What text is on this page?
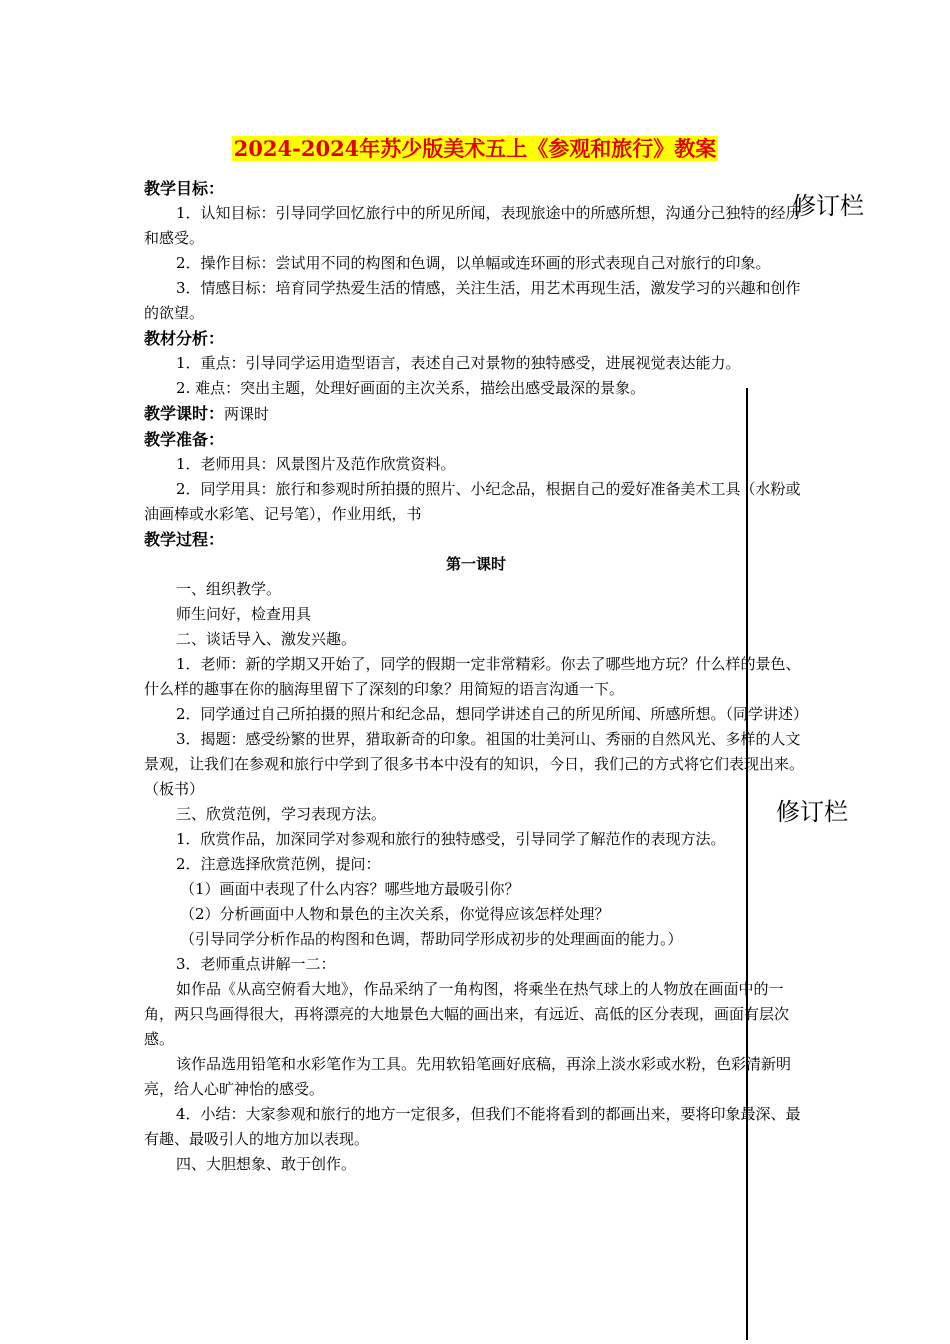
2024-2024年苏少版美术五上《参观和旅行》教案
修订栏

教学目标：

1．认知目标：引导同学回忆旅行中的所见所闻，表现旅途中的所感所想，沟通分己独特的经历和感受。

2．操作目标：尝试用不同的构图和色调，以单幅或连环画的形式表现自己对旅行的印象。

3．情感目标：培育同学热爱生活的情感，关注生活，用艺术再现生活，激发学习的兴趣和创作的欲望。

教材分析：

1．重点：引导同学运用造型语言，表述自己对景物的独特感受，进展视觉表达能力。

2. 难点：突出主题，处理好画面的主次关系，描绘出感受最深的景象。

教学课时：两课时

教学准备：

1．老师用具：风景图片及范作欣赏资料。

2．同学用具：旅行和参观时所拍摄的照片、小纪念品，根据自己的爱好准备美术工具（水粉或油画棒或水彩笔、记号笔），作业用纸，书

教学过程：

第一课时

一、组织教学。

师生问好，检查用具

二、谈话导入、激发兴趣。

1．老师：新的学期又开始了，同学的假期一定非常精彩。你去了哪些地方玩？什么样的景色、什么样的趣事在你的脑海里留下了深刻的印象？用简短的语言沟通一下。

2．同学通过自己所拍摄的照片和纪念品，想同学讲述自己的所见所闻、所感所想。（同学讲述）

3．揭题：感受纷繁的世界，猎取新奇的印象。祖国的壮美河山、秀丽的自然风光、多样的人文景观，让我们在参观和旅行中学到了很多书本中没有的知识，今日，我们己的方式将它们表现出来。（板书）

三、欣赏范例，学习表现方法。

1．欣赏作品，加深同学对参观和旅行的独特感受，引导同学了解范作的表现方法。

2．注意选择欣赏范例，提问：

（1）画面中表现了什么内容？哪些地方最吸引你？

（2）分析画面中人物和景色的主次关系，你觉得应该怎样处理？

（引导同学分析作品的构图和色调，帮助同学形成初步的处理画面的能力。）

3．老师重点讲解一二：

如作品《从高空俯看大地》，作品采纳了一角构图，将乘坐在热气球上的人物放在画面中的一角，两只鸟画得很大，再将漂亮的大地景色大幅的画出来，有远近、高低的区分表现，画面有层次感。

该作品选用铅笔和水彩笔作为工具。先用软铅笔画好底稿，再涂上淡水彩或水粉，色彩清新明亮，给人心旷神怡的感受。

4．小结：大家参观和旅行的地方一定很多，但我们不能将看到的都画出来，要将印象最深、最有趣、最吸引人的地方加以表现。

四、大胆想象、敢于创作。

修订栏
